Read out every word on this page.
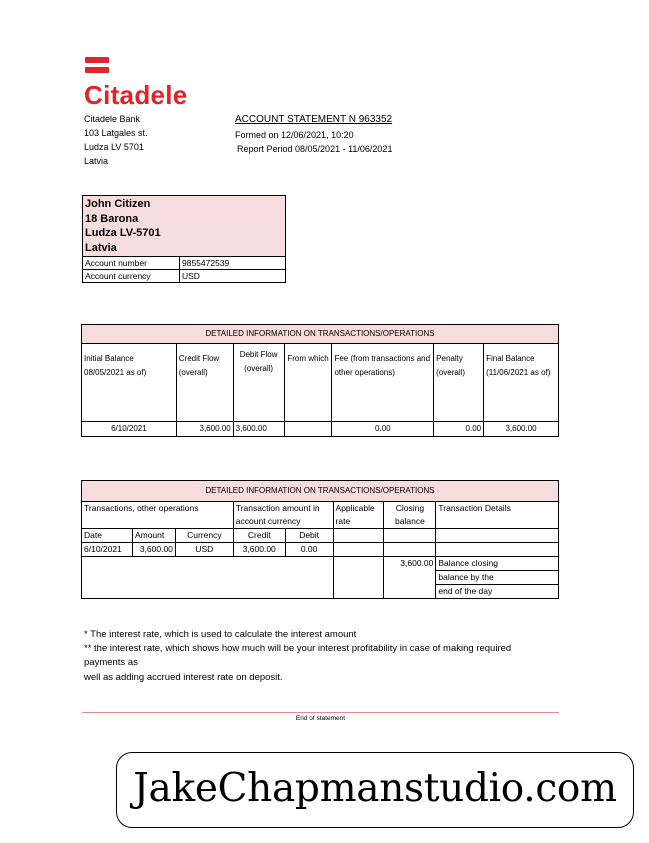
Citadele
Citadele Bank
103 Latgales st.
Ludza LV 5701
Latvia
ACCOUNT STATEMENT N 963352
Formed on 12/06/2021, 10:20
Report Period 08/05/2021 - 11/06/2021
John Citizen
18 Barona
Ludza LV-5701
Latvia
Account number	9855472539
Account currency	USD
DETAILED INFORMATION ON TRANSACTIONS/OPERATIONS						
Initial Balance 08/05/2021 as of)	Credit Flow (overall)	Debit Flow (overall)	From which	Fee (from transactions and other operations)	Penalty (overall)	Final Balance (11/06/2021 as of)
6/10/2021	3,600.00	3,600.00		0.00	0.00	3,600.00
DETAILED INFORMATION ON TRANSACTIONS/OPERATIONS							
Transactions, other operations			Transaction amount in account currency		Applicable rate	Closing balance	Transaction Details
Date	Amount	Currency	Credit	Debit			
6/10/2021	3,600.00	USD	3,600.00	0.00			
						3,600.00	Balance closing
							balance by the
							end of the day
* The interest rate, which is used to calculate the interest amount
** the interest rate, which shows how much will be your interest profitability in case of making required payments as
well as adding accrued interest rate on deposit.
End of statement
JakeChapmanstudio.com
